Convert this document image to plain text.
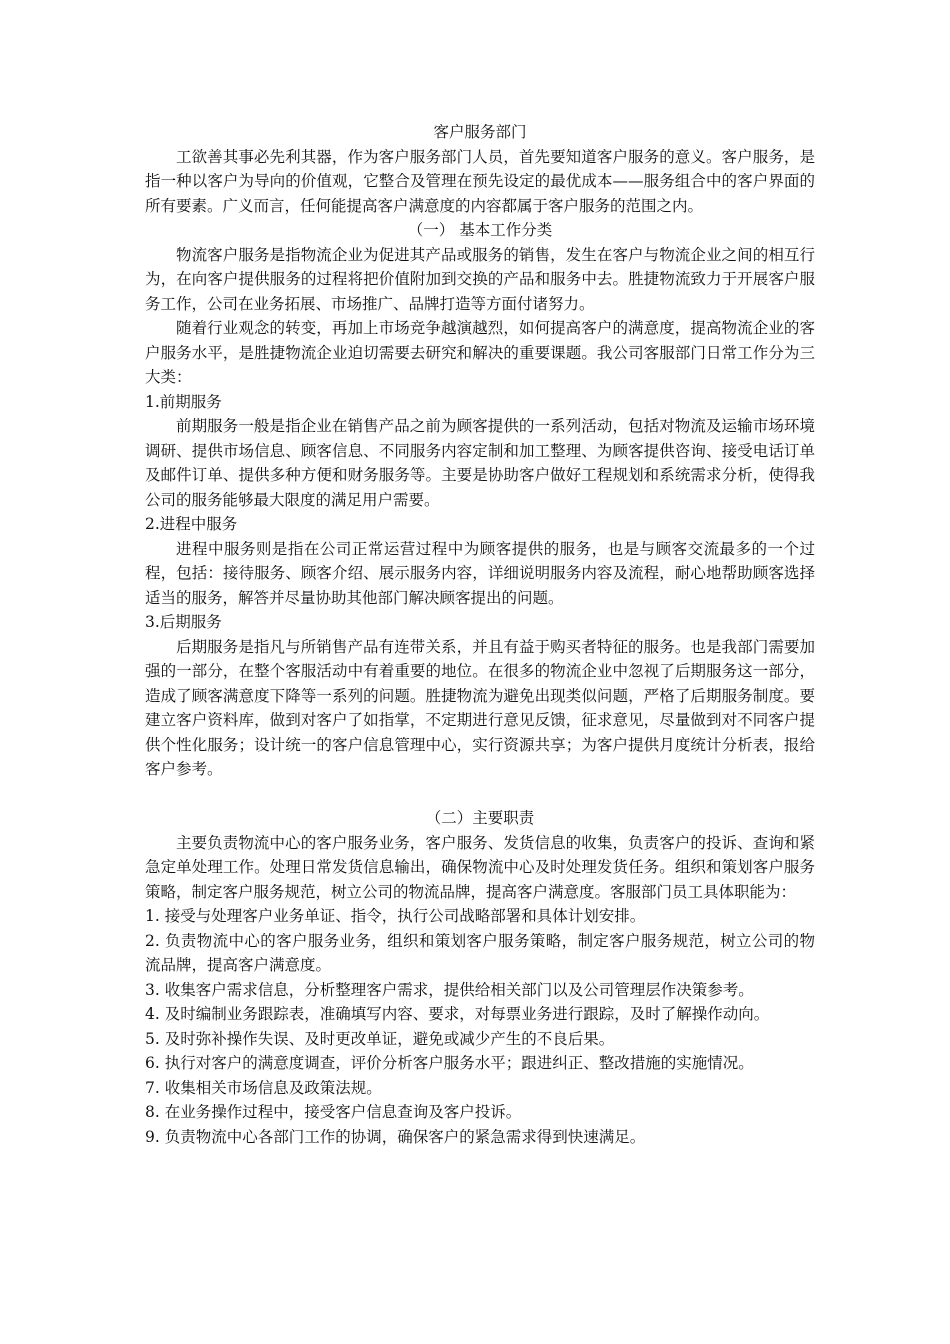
客户服务部门

工欲善其事必先利其器，作为客户服务部门人员，首先要知道客户服务的意义。客户服务，是指一种以客户为导向的价值观，它整合及管理在预先设定的最优成本——服务组合中的客户界面的所有要素。广义而言，任何能提高客户满意度的内容都属于客户服务的范围之内。

（一） 基本工作分类

物流客户服务是指物流企业为促进其产品或服务的销售，发生在客户与物流企业之间的相互行为，在向客户提供服务的过程将把价值附加到交换的产品和服务中去。胜捷物流致力于开展客户服务工作，公司在业务拓展、市场推广、品牌打造等方面付诸努力。

随着行业观念的转变，再加上市场竞争越演越烈，如何提高客户的满意度，提高物流企业的客户服务水平，是胜捷物流企业迫切需要去研究和解决的重要课题。我公司客服部门日常工作分为三大类：

1.前期服务

前期服务一般是指企业在销售产品之前为顾客提供的一系列活动，包括对物流及运输市场环境调研、提供市场信息、顾客信息、不同服务内容定制和加工整理、为顾客提供咨询、接受电话订单及邮件订单、提供多种方便和财务服务等。主要是协助客户做好工程规划和系统需求分析，使得我公司的服务能够最大限度的满足用户需要。

2.进程中服务

进程中服务则是指在公司正常运营过程中为顾客提供的服务，也是与顾客交流最多的一个过程，包括：接待服务、顾客介绍、展示服务内容，详细说明服务内容及流程，耐心地帮助顾客选择适当的服务，解答并尽量协助其他部门解决顾客提出的问题。

3.后期服务

后期服务是指凡与所销售产品有连带关系，并且有益于购买者特征的服务。也是我部门需要加强的一部分，在整个客服活动中有着重要的地位。在很多的物流企业中忽视了后期服务这一部分，造成了顾客满意度下降等一系列的问题。胜捷物流为避免出现类似问题，严格了后期服务制度。要建立客户资料库，做到对客户了如指掌，不定期进行意见反馈，征求意见，尽量做到对不同客户提供个性化服务；设计统一的客户信息管理中心，实行资源共享；为客户提供月度统计分析表，报给客户参考。

（二）主要职责

主要负责物流中心的客户服务业务，客户服务、发货信息的收集，负责客户的投诉、查询和紧急定单处理工作。处理日常发货信息输出，确保物流中心及时处理发货任务。组织和策划客户服务策略，制定客户服务规范，树立公司的物流品牌，提高客户满意度。客服部门员工具体职能为：

1. 接受与处理客户业务单证、指令，执行公司战略部署和具体计划安排。

2. 负责物流中心的客户服务业务，组织和策划客户服务策略，制定客户服务规范，树立公司的物流品牌，提高客户满意度。

3. 收集客户需求信息，分析整理客户需求，提供给相关部门以及公司管理层作决策参考。

4. 及时编制业务跟踪表，准确填写内容、要求，对每票业务进行跟踪，及时了解操作动向。

5. 及时弥补操作失误、及时更改单证，避免或减少产生的不良后果。

6. 执行对客户的满意度调查，评价分析客户服务水平；跟进纠正、整改措施的实施情况。

7. 收集相关市场信息及政策法规。

8. 在业务操作过程中，接受客户信息查询及客户投诉。

9. 负责物流中心各部门工作的协调，确保客户的紧急需求得到快速满足。
